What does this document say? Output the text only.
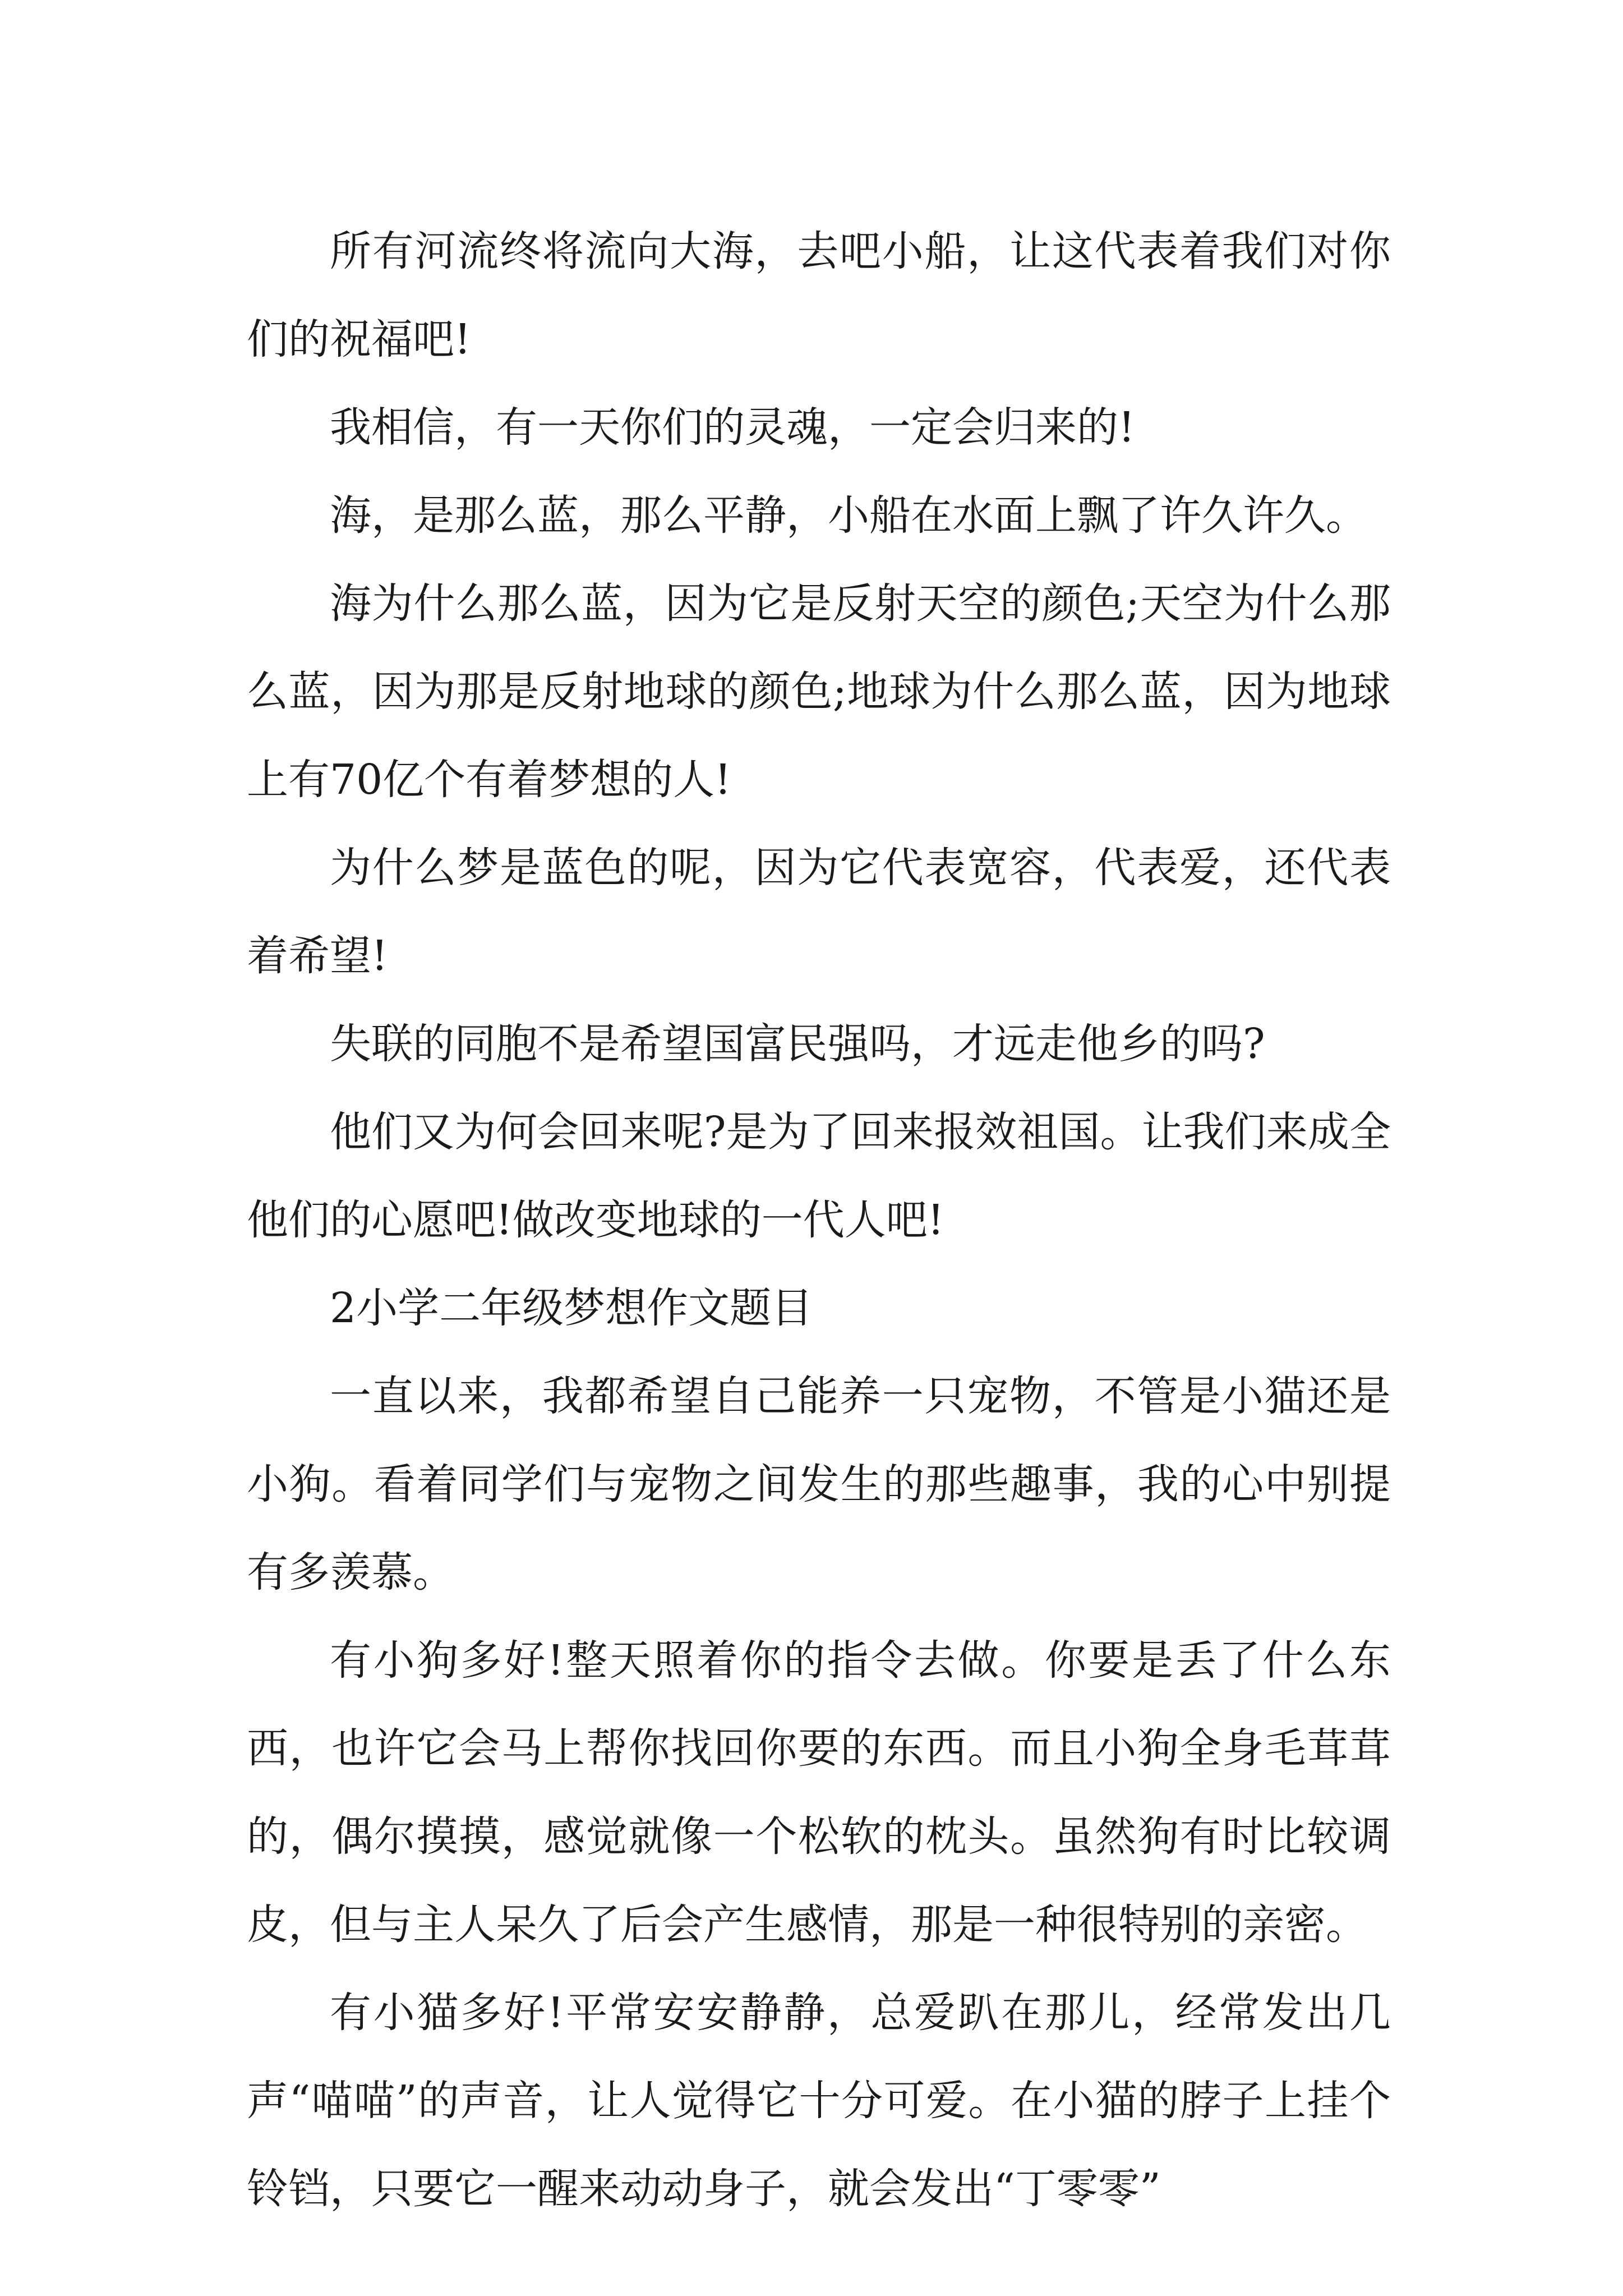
所有河流终将流向大海，去吧小船，让这代表着我们对你们的祝福吧!

我相信，有一天你们的灵魂，一定会归来的!

海，是那么蓝，那么平静，小船在水面上飘了许久许久。

海为什么那么蓝，因为它是反射天空的颜色;天空为什么那么蓝，因为那是反射地球的颜色;地球为什么那么蓝，因为地球上有70亿个有着梦想的人!

为什么梦是蓝色的呢，因为它代表宽容，代表爱，还代表着希望!

失联的同胞不是希望国富民强吗，才远走他乡的吗?

他们又为何会回来呢?是为了回来报效祖国。让我们来成全他们的心愿吧!做改变地球的一代人吧!

2小学二年级梦想作文题目

一直以来，我都希望自己能养一只宠物，不管是小猫还是小狗。看着同学们与宠物之间发生的那些趣事，我的心中别提有多羡慕。

有小狗多好!整天照着你的指令去做。你要是丢了什么东西，也许它会马上帮你找回你要的东西。而且小狗全身毛茸茸的，偶尔摸摸，感觉就像一个松软的枕头。虽然狗有时比较调皮，但与主人呆久了后会产生感情，那是一种很特别的亲密。

有小猫多好!平常安安静静，总爱趴在那儿，经常发出几声“喵喵”的声音，让人觉得它十分可爱。在小猫的脖子上挂个铃铛，只要它一醒来动动身子，就会发出“丁零零”
